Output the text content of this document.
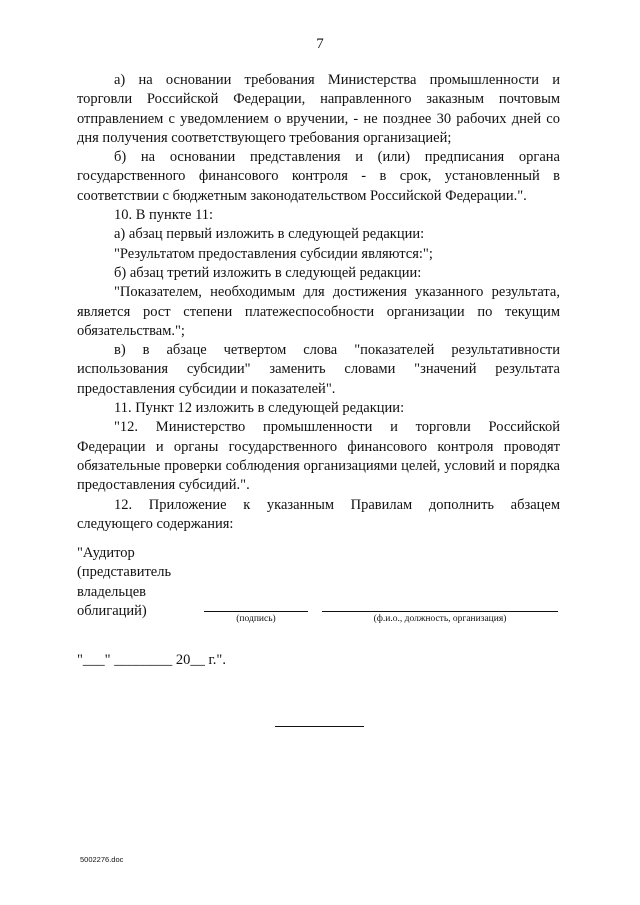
7

а) на основании требования Министерства промышленности и торговли Российской Федерации, направленного заказным почтовым отправлением с уведомлением о вручении, - не позднее 30 рабочих дней со дня получения соответствующего требования организацией;

б) на основании представления и (или) предписания органа государственного финансового контроля - в срок, установленный в соответствии с бюджетным законодательством Российской Федерации.".

10. В пункте 11:

а) абзац первый изложить в следующей редакции:

"Результатом предоставления субсидии являются:";

б) абзац третий изложить в следующей редакции:

"Показателем, необходимым для достижения указанного результата, является рост степени платежеспособности организации по текущим обязательствам.";

в) в абзаце четвертом слова "показателей результативности использования субсидии" заменить словами "значений результата предоставления субсидии и показателей".

11. Пункт 12 изложить в следующей редакции:

"12. Министерство промышленности и торговли Российской Федерации и органы государственного финансового контроля проводят обязательные проверки соблюдения организациями целей, условий и порядка предоставления субсидий.".

12. Приложение к указанным Правилам дополнить абзацем следующего содержания:

"Аудитор
(представитель
владельцев
облигаций)
(подпись)	(ф.и.о., должность, организация)
"___" ________ 20__ г.".
5002276.doc
